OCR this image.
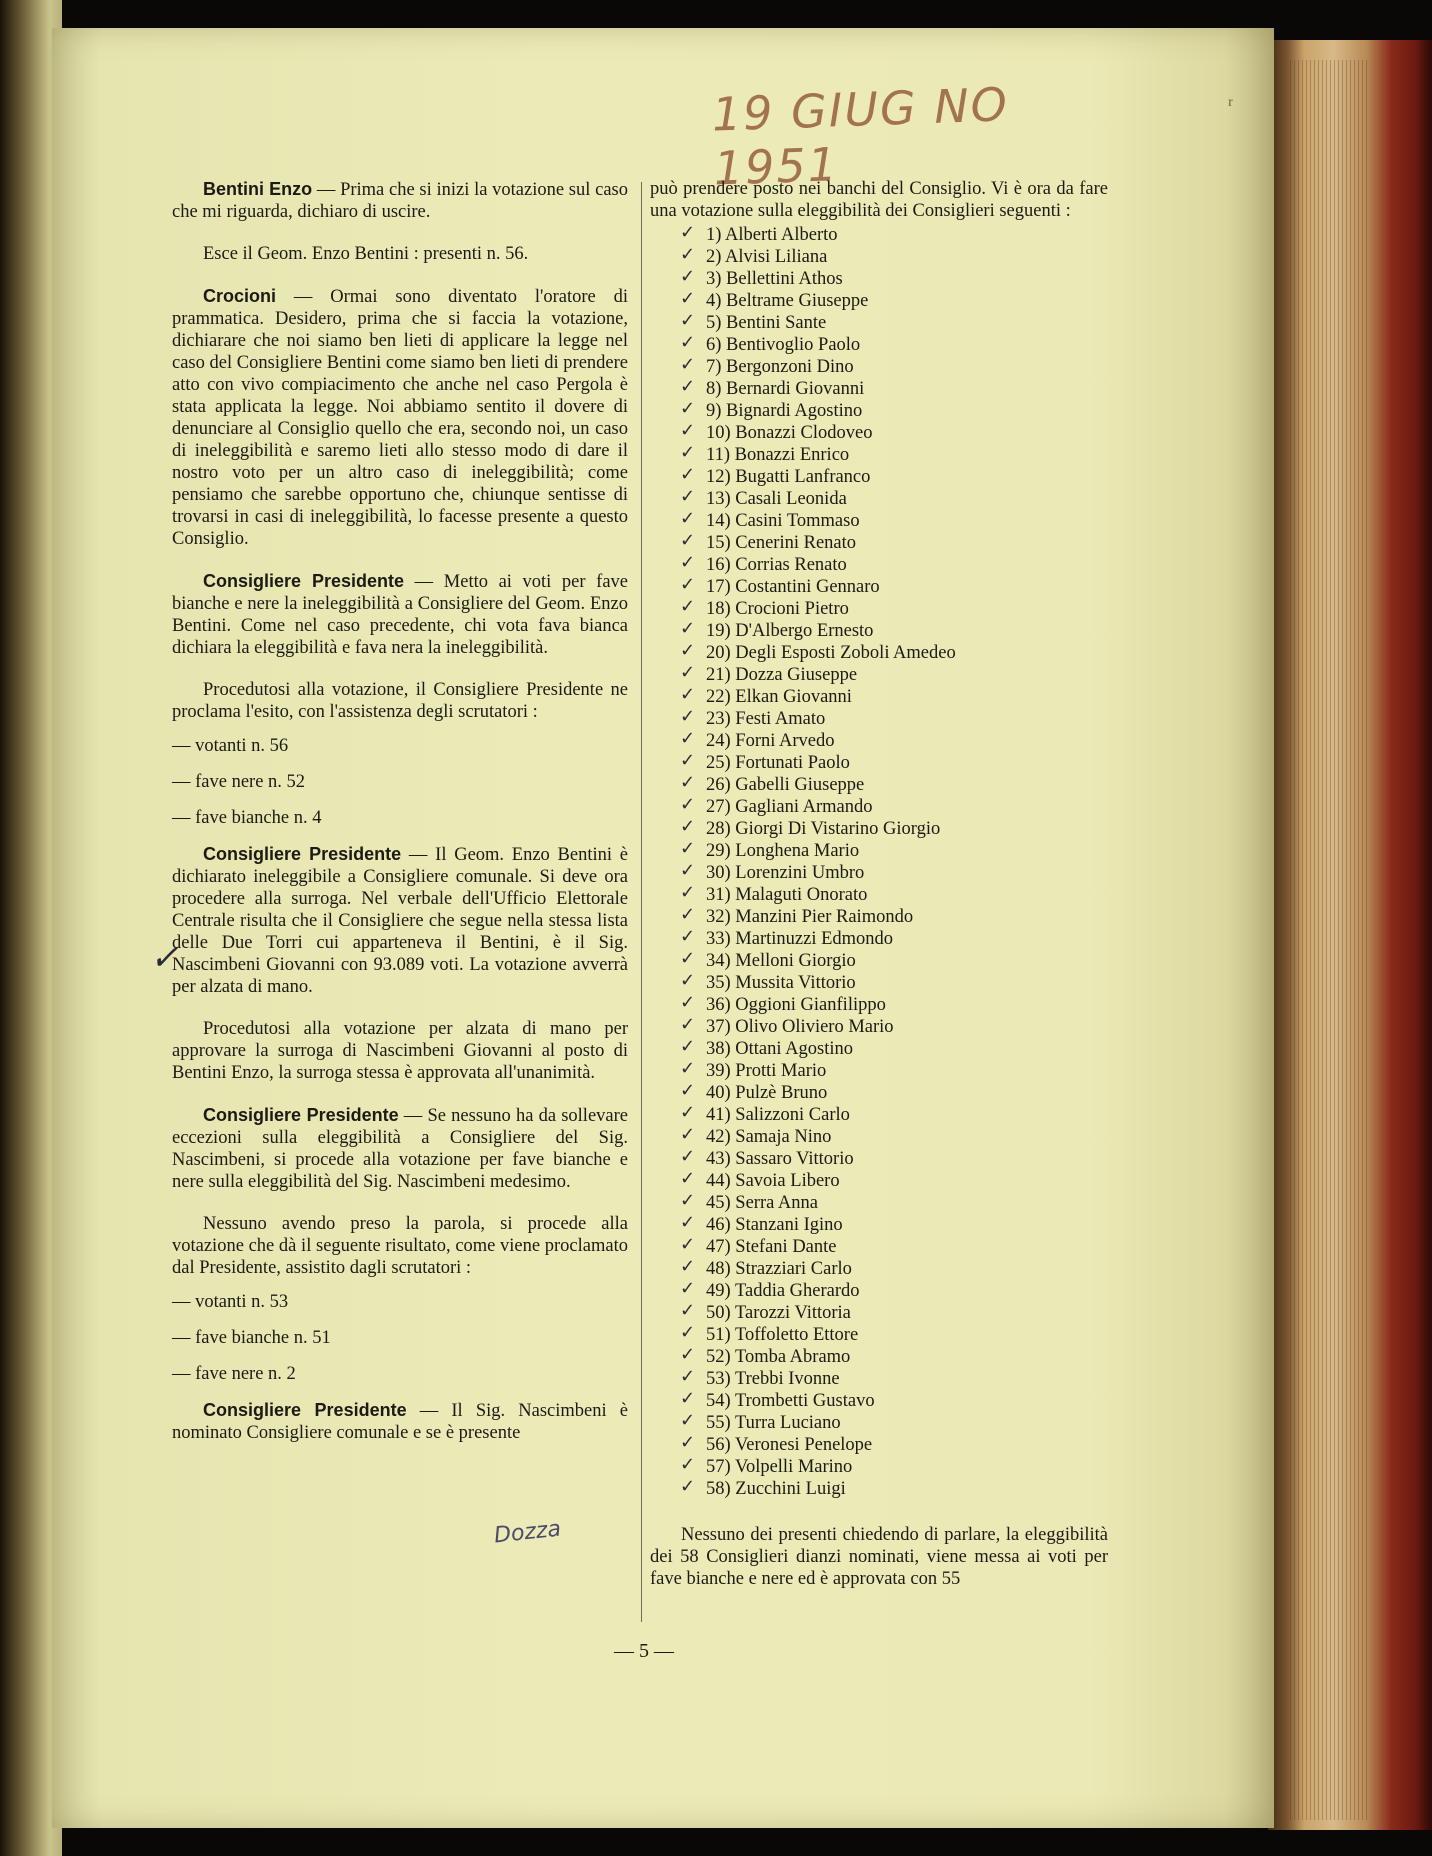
19 GIUG NO 1951
ʳ

Bentini Enzo — Prima che si inizi la votazione sul caso che mi riguarda, dichiaro di uscire.

Esce il Geom. Enzo Bentini : presenti n. 56.

Crocioni — Ormai sono diventato l'oratore di prammatica. Desidero, prima che si faccia la votazione, dichiarare che noi siamo ben lieti di applicare la legge nel caso del Consigliere Bentini come siamo ben lieti di prendere atto con vivo compiacimento che anche nel caso Pergola è stata applicata la legge. Noi abbiamo sentito il dovere di denunciare al Consiglio quello che era, secondo noi, un caso di ineleggibilità e saremo lieti allo stesso modo di dare il nostro voto per un altro caso di ineleggibilità; come pensiamo che sarebbe opportuno che, chiunque sentisse di trovarsi in casi di ineleggibilità, lo facesse presente a questo Consiglio.

Consigliere Presidente — Metto ai voti per fave bianche e nere la ineleggibilità a Consigliere del Geom. Enzo Bentini. Come nel caso precedente, chi vota fava bianca dichiara la eleggibilità e fava nera la ineleggibilità.

Procedutosi alla votazione, il Consigliere Presidente ne proclama l'esito, con l'assistenza degli scrutatori :

— votanti n. 56
— fave nere n. 52
— fave bianche n. 4

Consigliere Presidente — Il Geom. Enzo Bentini è dichiarato ineleggibile a Consigliere comunale. Si deve ora procedere alla surroga. Nel verbale dell'Ufficio Elettorale Centrale risulta che il Consigliere che segue nella stessa lista delle Due Torri cui apparteneva il Bentini, è il Sig. Nascimbeni Giovanni con 93.089 voti. La votazione avverrà per alzata di mano.

Procedutosi alla votazione per alzata di mano per approvare la surroga di Nascimbeni Giovanni al posto di Bentini Enzo, la surroga stessa è approvata all'unanimità.

Consigliere Presidente — Se nessuno ha da sollevare eccezioni sulla eleggibilità a Consigliere del Sig. Nascimbeni, si procede alla votazione per fave bianche e nere sulla eleggibilità del Sig. Nascimbeni medesimo.

Nessuno avendo preso la parola, si procede alla votazione che dà il seguente risultato, come viene proclamato dal Presidente, assistito dagli scrutatori :

— votanti n. 53
— fave bianche n. 51
— fave nere n. 2

Consigliere Presidente — Il Sig. Nascimbeni è nominato Consigliere comunale e se è presente

✓
Dozza

può prendere posto nei banchi del Consiglio. Vi è ora da fare una votazione sulla eleggibilità dei Consiglieri seguenti :

✓ 1) Alberti Alberto
✓ 2) Alvisi Liliana
✓ 3) Bellettini Athos
✓ 4) Beltrame Giuseppe
✓ 5) Bentini Sante
✓ 6) Bentivoglio Paolo
✓ 7) Bergonzoni Dino
✓ 8) Bernardi Giovanni
✓ 9) Bignardi Agostino
✓ 10) Bonazzi Clodoveo
✓ 11) Bonazzi Enrico
✓ 12) Bugatti Lanfranco
✓ 13) Casali Leonida
✓ 14) Casini Tommaso
✓ 15) Cenerini Renato
✓ 16) Corrias Renato
✓ 17) Costantini Gennaro
✓ 18) Crocioni Pietro
✓ 19) D'Albergo Ernesto
✓ 20) Degli Esposti Zoboli Amedeo
✓ 21) Dozza Giuseppe
✓ 22) Elkan Giovanni
✓ 23) Festi Amato
✓ 24) Forni Arvedo
✓ 25) Fortunati Paolo
✓ 26) Gabelli Giuseppe
✓ 27) Gagliani Armando
✓ 28) Giorgi Di Vistarino Giorgio
✓ 29) Longhena Mario
✓ 30) Lorenzini Umbro
✓ 31) Malaguti Onorato
✓ 32) Manzini Pier Raimondo
✓ 33) Martinuzzi Edmondo
✓ 34) Melloni Giorgio
✓ 35) Mussita Vittorio
✓ 36) Oggioni Gianfilippo
✓ 37) Olivo Oliviero Mario
✓ 38) Ottani Agostino
✓ 39) Protti Mario
✓ 40) Pulzè Bruno
✓ 41) Salizzoni Carlo
✓ 42) Samaja Nino
✓ 43) Sassaro Vittorio
✓ 44) Savoia Libero
✓ 45) Serra Anna
✓ 46) Stanzani Igino
✓ 47) Stefani Dante
✓ 48) Strazziari Carlo
✓ 49) Taddia Gherardo
✓ 50) Tarozzi Vittoria
✓ 51) Toffoletto Ettore
✓ 52) Tomba Abramo
✓ 53) Trebbi Ivonne
✓ 54) Trombetti Gustavo
✓ 55) Turra Luciano
✓ 56) Veronesi Penelope
✓ 57) Volpelli Marino
✓ 58) Zucchini Luigi

Nessuno dei presenti chiedendo di parlare, la eleggibilità dei 58 Consiglieri dianzi nominati, viene messa ai voti per fave bianche e nere ed è approvata con 55

— 5 —
